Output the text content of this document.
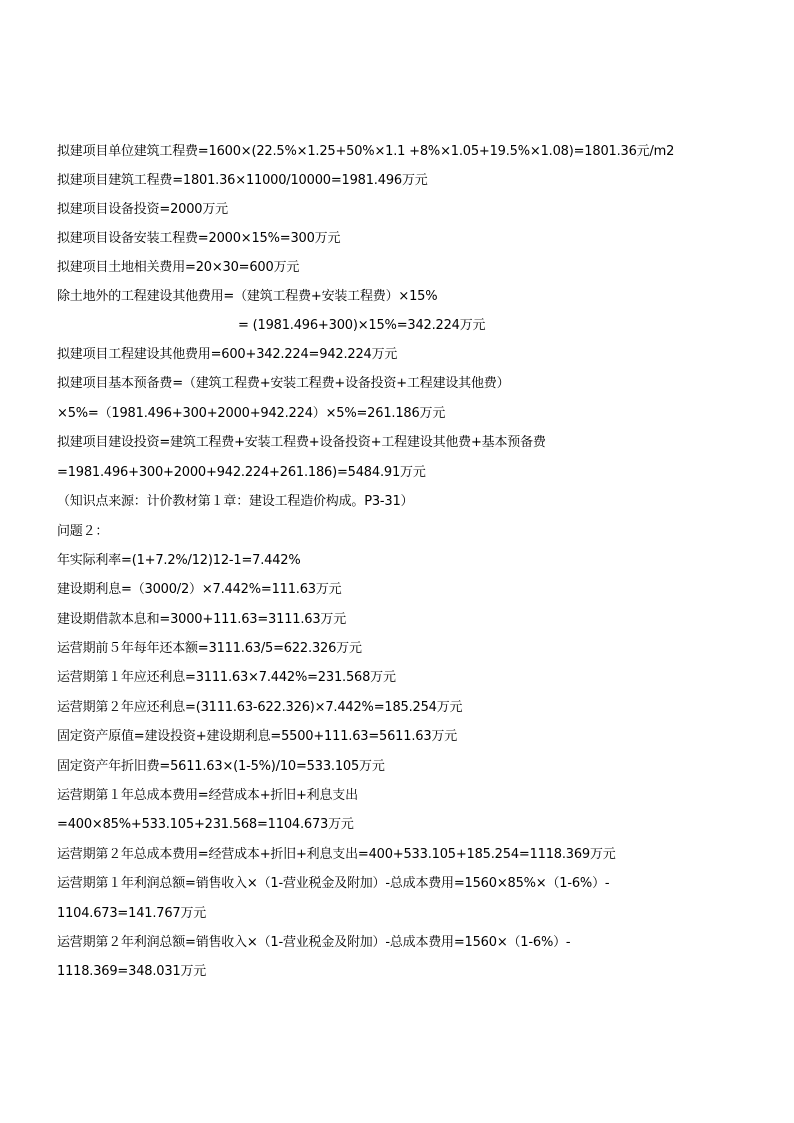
拟建项目单位建筑工程费=1600×(22.5%×1.25+50%×1.1 +8%×1.05+19.5%×1.08)=1801.36元/m2
拟建项目建筑工程费=1801.36×11000/10000=1981.496万元
拟建项目设备投资=2000万元
拟建项目设备安装工程费=2000×15%=300万元
拟建项目土地相关费用=20×30=600万元
除土地外的工程建设其他费用=（建筑工程费+安装工程费）×15%
= (1981.496+300)×15%=342.224万元
拟建项目工程建设其他费用=600+342.224=942.224万元
拟建项目基本预备费=（建筑工程费+安装工程费+设备投资+工程建设其他费）
×5%=（1981.496+300+2000+942.224）×5%=261.186万元
拟建项目建设投资=建筑工程费+安装工程费+设备投资+工程建设其他费+基本预备费
=1981.496+300+2000+942.224+261.186)=5484.91万元
（知识点来源：计价教材第１章：建设工程造价构成。P3-31）
问题２：
年实际利率=(1+7.2%/12)12-1=7.442%
建设期利息=（3000/2）×7.442%=111.63万元
建设期借款本息和=3000+111.63=3111.63万元
运营期前５年每年还本额=3111.63/5=622.326万元
运营期第１年应还利息=3111.63×7.442%=231.568万元
运营期第２年应还利息=(3111.63-622.326)×7.442%=185.254万元
固定资产原值=建设投资+建设期利息=5500+111.63=5611.63万元
固定资产年折旧费=5611.63×(1-5%)/10=533.105万元
运营期第１年总成本费用=经营成本+折旧+利息支出
=400×85%+533.105+231.568=1104.673万元
运营期第２年总成本费用=经营成本+折旧+利息支出=400+533.105+185.254=1118.369万元
运营期第１年利润总额=销售收入×（1-营业税金及附加）-总成本费用=1560×85%×（1-6%）-
1104.673=141.767万元
运营期第２年利润总额=销售收入×（1-营业税金及附加）-总成本费用=1560×（1-6%）-
1118.369=348.031万元
